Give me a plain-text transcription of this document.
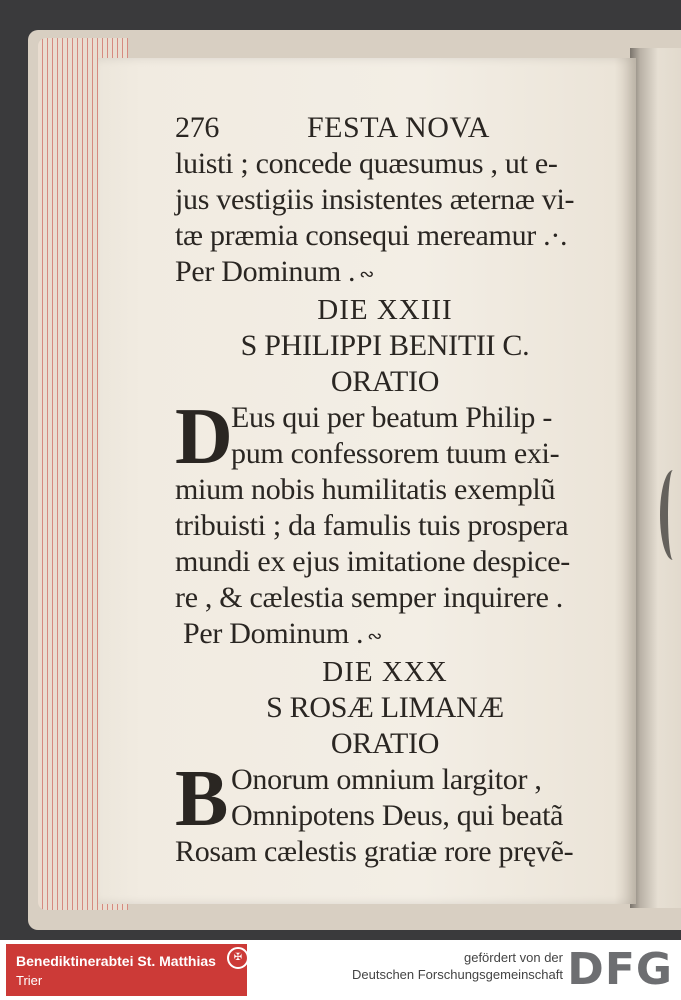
276	FESTA NOVA
luisti ; concede quæsumus , ut e-
jus vestigiis insistentes æternæ vi-
tæ præmia consequi mereamur .·.
Per Dominum . ∾
DIE XXIII
S PHILIPPI BENITII C.
ORATIO
D
Eus qui per beatum Philip -
pum confessorem tuum exi-
mium nobis humilitatis exemplũ
tribuisti ; da famulis tuis prospera
mundi ex ejus imitatione despice-
re , & cælestia semper inquirere .
Per Dominum . ∾
DIE XXX
S ROSÆ LIMANÆ
ORATIO
B Onorum omnium largitor ,
Omnipotens Deus, qui beatã
Rosam cælestis gratiæ rore pręvẽ-
Benediktinerabtei St. Matthias
Trier
✠	gefördert von der
Deutschen Forschungsgemeinschaft DFG
